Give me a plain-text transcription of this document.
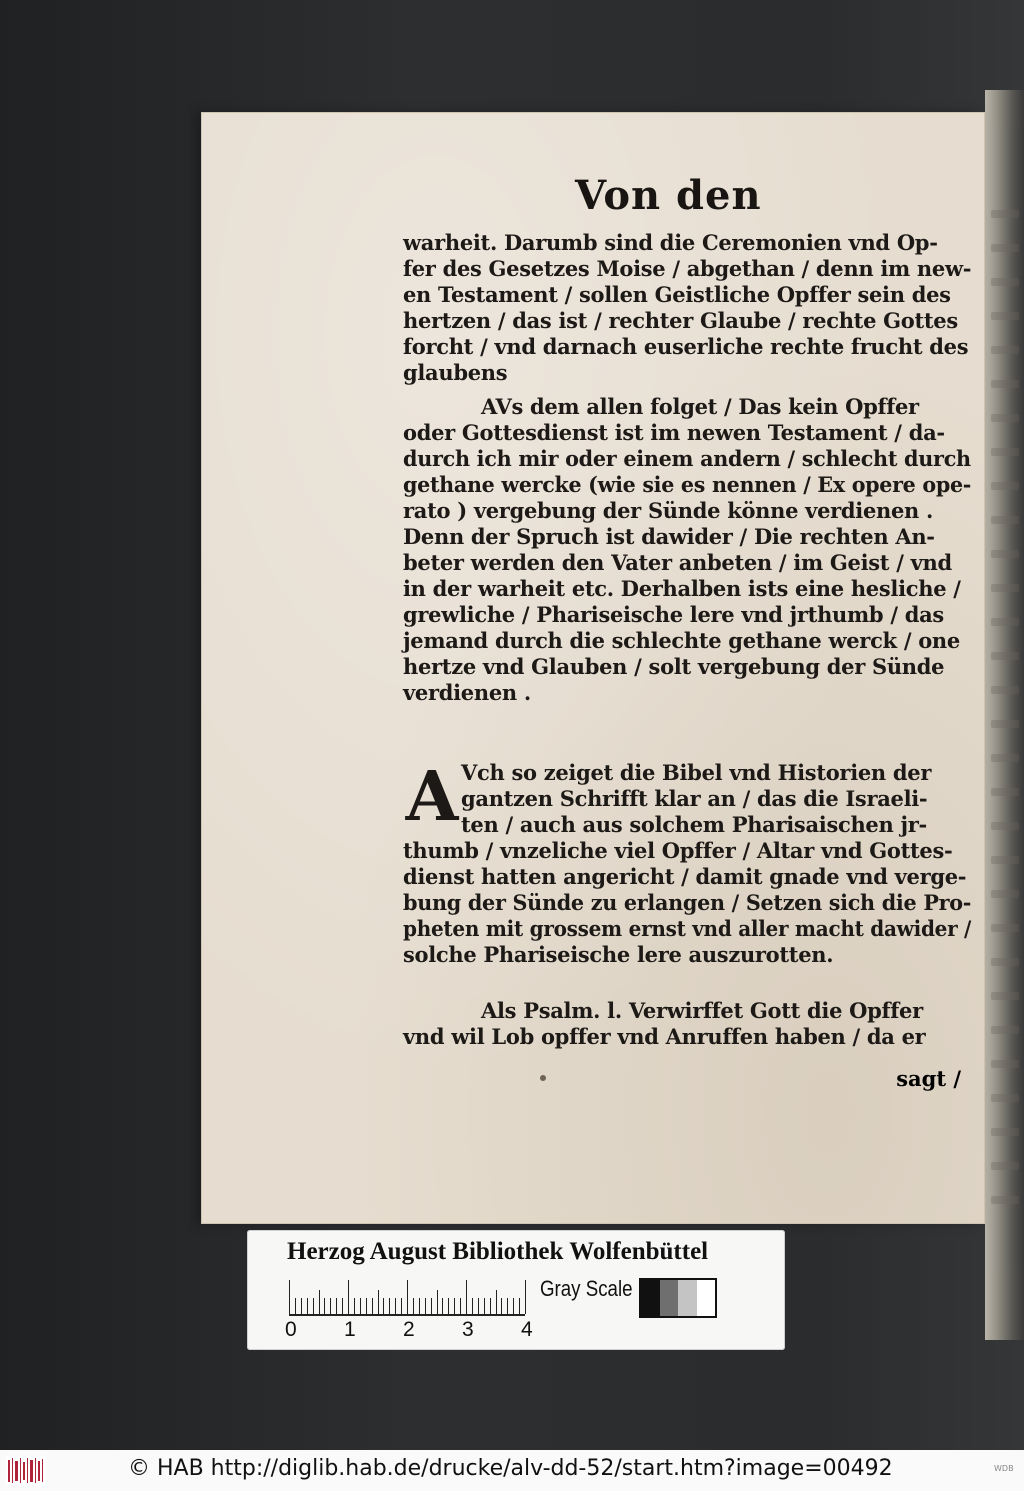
Von den
A
warheit. Darumb sind die Ceremonien vnd Op-
fer des Gesetzes Moise / abgethan / denn im new-
en Testament / sollen Geistliche Opffer sein des
hertzen / das ist / rechter Glaube / rechte Gottes
forcht / vnd darnach euserliche rechte frucht des
glaubens
AVs dem allen folget / Das kein Opffer
oder Gottesdienst ist im newen Testament / da-
durch ich mir oder einem andern / schlecht durch
gethane wercke (wie sie es nennen / Ex opere ope-
rato ) vergebung der Sünde könne verdienen .
Denn der Spruch ist dawider / Die rechten An-
beter werden den Vater anbeten / im Geist / vnd
in der warheit etc. Derhalben ists eine hesliche /
grewliche / Phariseische lere vnd jrthumb / das
jemand durch die schlechte gethane werck / one
hertze vnd Glauben / solt vergebung der Sünde
verdienen .
Vch so zeiget die Bibel vnd Historien der
gantzen Schrifft klar an / das die Israeli-
ten / auch aus solchem Pharisaischen jr-
thumb / vnzeliche viel Opffer / Altar vnd Gottes-
dienst hatten angericht / damit gnade vnd verge-
bung der Sünde zu erlangen / Setzen sich die Pro-
pheten mit grossem ernst vnd aller macht dawider /
solche Phariseische lere auszurotten.
Als Psalm. l. Verwirffet Gott die Opffer
vnd wil Lob opffer vnd Anruffen haben / da er
sagt /
Herzog August Bibliothek Wolfenbüttel
Gray Scale
0 1 2 3 4
© HAB http://diglib.hab.de/drucke/alv-dd-52/start.htm?image=00492	WDB
